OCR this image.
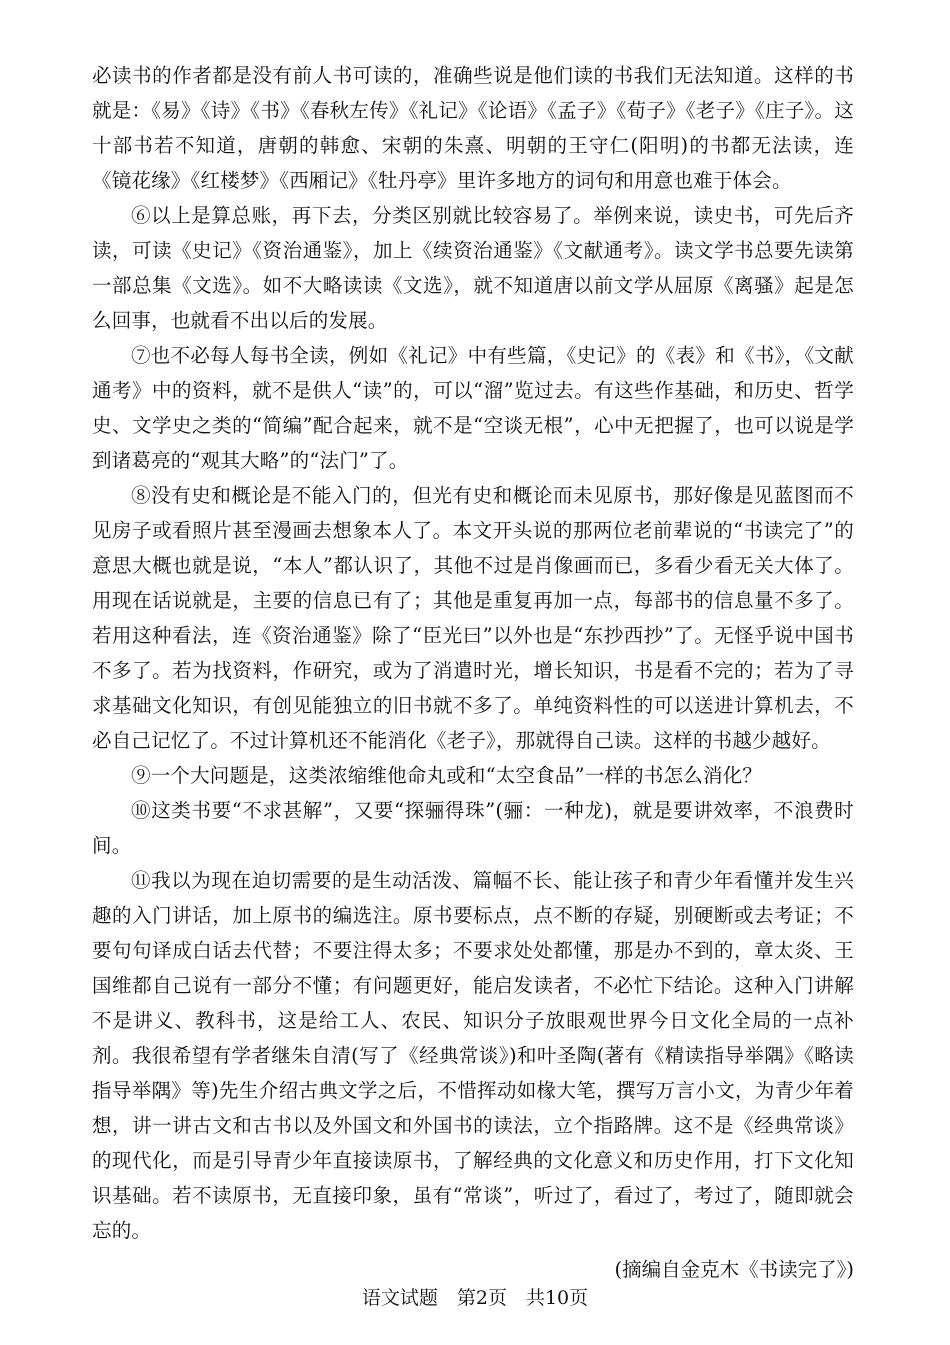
必读书的作者都是没有前人书可读的，准确些说是他们读的书我们无法知道。这样的书就是：《易》《诗》《书》《春秋左传》《礼记》《论语》《孟子》《荀子》《老子》《庄子》。这十部书若不知道，唐朝的韩愈、宋朝的朱熹、明朝的王守仁(阳明)的书都无法读，连《镜花缘》《红楼梦》《西厢记》《牡丹亭》里许多地方的词句和用意也难于体会。

⑥以上是算总账，再下去，分类区别就比较容易了。举例来说，读史书，可先后齐读，可读《史记》《资治通鉴》，加上《续资治通鉴》《文献通考》。读文学书总要先读第一部总集《文选》。如不大略读读《文选》，就不知道唐以前文学从屈原《离骚》起是怎么回事，也就看不出以后的发展。

⑦也不必每人每书全读，例如《礼记》中有些篇，《史记》的《表》和《书》，《文献通考》中的资料，就不是供人“读”的，可以“溜”览过去。有这些作基础，和历史、哲学史、文学史之类的“简编”配合起来，就不是“空谈无根”，心中无把握了，也可以说是学到诸葛亮的“观其大略”的“法门”了。

⑧没有史和概论是不能入门的，但光有史和概论而未见原书，那好像是见蓝图而不见房子或看照片甚至漫画去想象本人了。本文开头说的那两位老前辈说的“书读完了”的意思大概也就是说，“本人”都认识了，其他不过是肖像画而已，多看少看无关大体了。用现在话说就是，主要的信息已有了；其他是重复再加一点，每部书的信息量不多了。若用这种看法，连《资治通鉴》除了“臣光曰”以外也是“东抄西抄”了。无怪乎说中国书不多了。若为找资料，作研究，或为了消遣时光，增长知识，书是看不完的；若为了寻求基础文化知识，有创见能独立的旧书就不多了。单纯资料性的可以送进计算机去，不必自己记忆了。不过计算机还不能消化《老子》，那就得自己读。这样的书越少越好。

⑨一个大问题是，这类浓缩维他命丸或和“太空食品”一样的书怎么消化？

⑩这类书要“不求甚解”，又要“探骊得珠”(骊：一种龙)，就是要讲效率，不浪费时间。

⑪我以为现在迫切需要的是生动活泼、篇幅不长、能让孩子和青少年看懂并发生兴趣的入门讲话，加上原书的编选注。原书要标点，点不断的存疑，别硬断或去考证；不要句句译成白话去代替；不要注得太多；不要求处处都懂，那是办不到的，章太炎、王国维都自己说有一部分不懂；有问题更好，能启发读者，不必忙下结论。这种入门讲解不是讲义、教科书，这是给工人、农民、知识分子放眼观世界今日文化全局的一点补剂。我很希望有学者继朱自清(写了《经典常谈》)和叶圣陶(著有《精读指导举隅》《略读指导举隅》等)先生介绍古典文学之后，不惜挥动如椽大笔，撰写万言小文，为青少年着想，讲一讲古文和古书以及外国文和外国书的读法，立个指路牌。这不是《经典常谈》的现代化，而是引导青少年直接读原书，了解经典的文化意义和历史作用，打下文化知识基础。若不读原书，无直接印象，虽有“常谈”，听过了，看过了，考过了，随即就会忘的。

(摘编自金克木《书读完了》)

语文试题　第2页　共10页
